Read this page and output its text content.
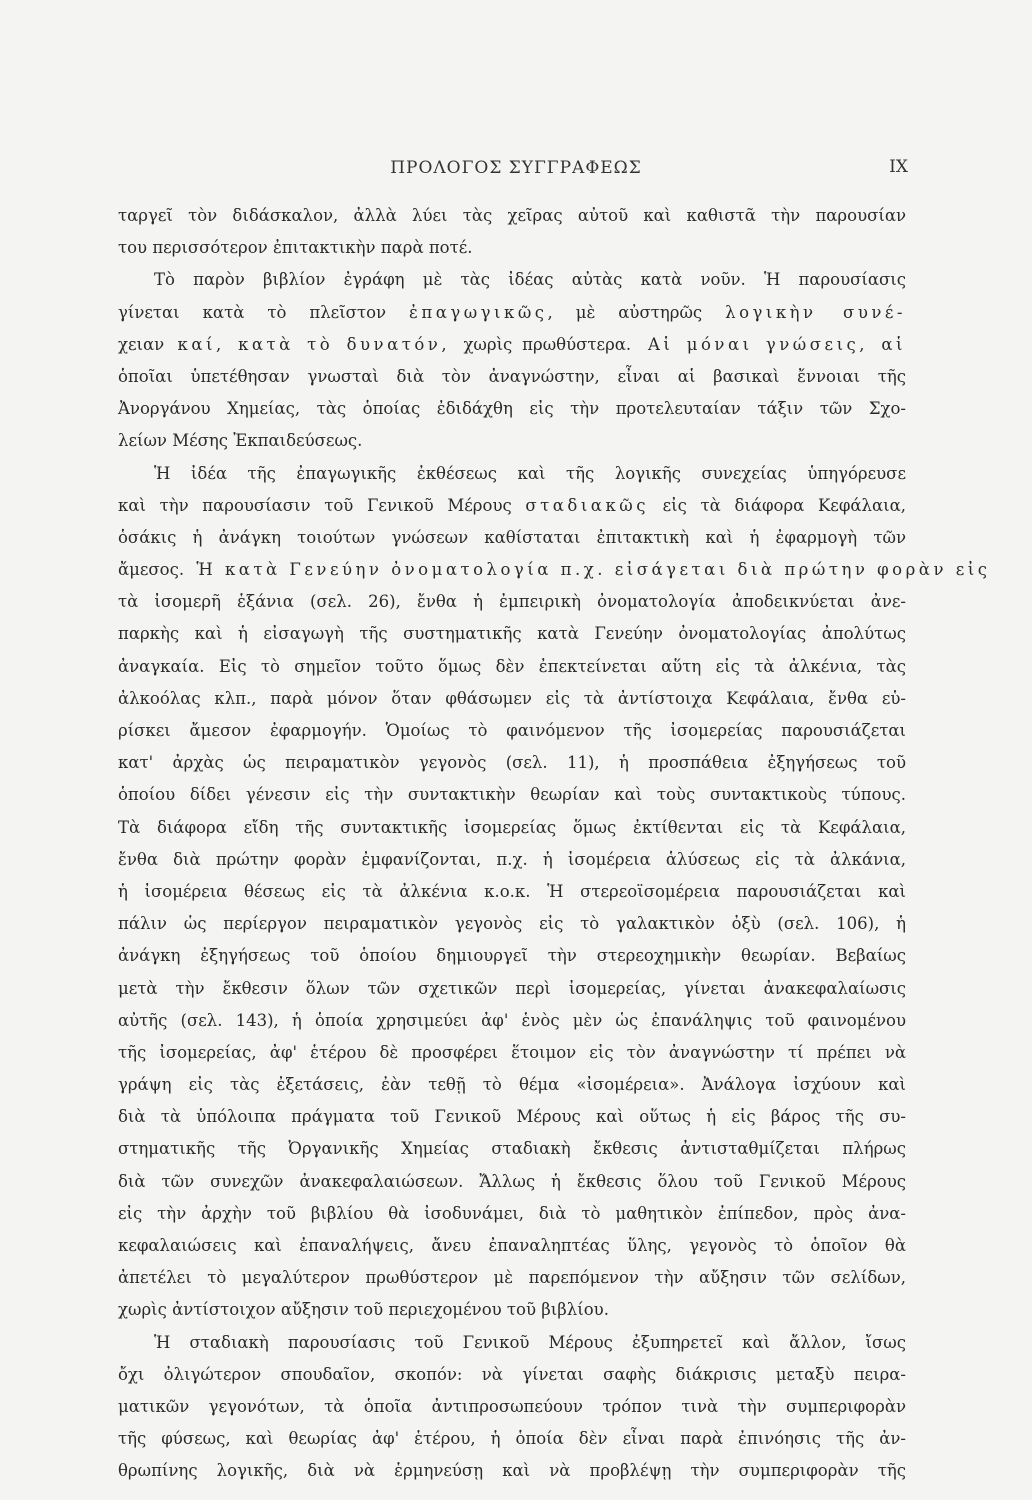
ΠΡΟΛΟΓΟΣ ΣΥΓΓΡΑΦΕΩΣ	IX
ταργεῖ τὸν διδάσκαλον, ἀλλὰ λύει τὰς χεῖρας αὐτοῦ καὶ καθιστᾶ τὴν παρουσίαν
του περισσότερον ἐπιτακτικὴν παρὰ ποτέ.
Τὸ παρὸν βιβλίον ἐγράφη μὲ τὰς ἰδέας αὐτὰς κατὰ νοῦν. Ἡ παρουσίασις
γίνεται κατὰ τὸ πλεῖστον ἐπαγωγικῶς, μὲ αὐστηρῶς λογικὴν συνέ-
χειαν καί, κατὰ τὸ δυνατόν, χωρὶς πρωθύστερα. Αἱ μόναι γνώσεις, αἱ
ὁποῖαι ὑπετέθησαν γνωσταὶ διὰ τὸν ἀναγνώστην, εἶναι αἱ βασικαὶ ἔννοιαι τῆς
Ἀνοργάνου Χημείας, τὰς ὁποίας ἐδιδάχθη εἰς τὴν προτελευταίαν τάξιν τῶν Σχο-
λείων Μέσης Ἐκπαιδεύσεως.
Ἡ ἰδέα τῆς ἐπαγωγικῆς ἐκθέσεως καὶ τῆς λογικῆς συνεχείας ὑπηγόρευσε
καὶ τὴν παρουσίασιν τοῦ Γενικοῦ Μέρους σταδιακῶς εἰς τὰ διάφορα Κεφάλαια,
ὁσάκις ἡ ἀνάγκη τοιούτων γνώσεων καθίσταται ἐπιτακτικὴ καὶ ἡ ἐφαρμογὴ τῶν
ἄμεσος. Ἡ κατὰ Γενεύην ὀνοματολογία π.χ. εἰσάγεται διὰ πρώτην φορὰν εἰς
τὰ ἰσομερῆ ἑξάνια (σελ. 26), ἔνθα ἡ ἐμπειρικὴ ὀνοματολογία ἀποδεικνύεται ἀνε-
παρκὴς καὶ ἡ εἰσαγωγὴ τῆς συστηματικῆς κατὰ Γενεύην ὀνοματολογίας ἀπολύτως
ἀναγκαία. Εἰς τὸ σημεῖον τοῦτο ὅμως δὲν ἐπεκτείνεται αὕτη εἰς τὰ ἀλκένια, τὰς
ἀλκοόλας κλπ., παρὰ μόνον ὅταν φθάσωμεν εἰς τὰ ἀντίστοιχα Κεφάλαια, ἔνθα εὑ-
ρίσκει ἄμεσον ἐφαρμογήν. Ὁμοίως τὸ φαινόμενον τῆς ἰσομερείας παρουσιάζεται
κατ' ἀρχὰς ὡς πειραματικὸν γεγονὸς (σελ. 11), ἡ προσπάθεια ἐξηγήσεως τοῦ
ὁποίου δίδει γένεσιν εἰς τὴν συντακτικὴν θεωρίαν καὶ τοὺς συντακτικοὺς τύπους.
Τὰ διάφορα εἴδη τῆς συντακτικῆς ἰσομερείας ὅμως ἐκτίθενται εἰς τὰ Κεφάλαια,
ἔνθα διὰ πρώτην φορὰν ἐμφανίζονται, π.χ. ἡ ἰσομέρεια ἁλύσεως εἰς τὰ ἀλκάνια,
ἡ ἰσομέρεια θέσεως εἰς τὰ ἀλκένια κ.ο.κ. Ἡ στερεοϊσομέρεια παρουσιάζεται καὶ
πάλιν ὡς περίεργον πειραματικὸν γεγονὸς εἰς τὸ γαλακτικὸν ὀξὺ (σελ. 106), ἡ
ἀνάγκη ἐξηγήσεως τοῦ ὁποίου δημιουργεῖ τὴν στερεοχημικὴν θεωρίαν. Βεβαίως
μετὰ τὴν ἔκθεσιν ὅλων τῶν σχετικῶν περὶ ἰσομερείας, γίνεται ἀνακεφαλαίωσις
αὐτῆς (σελ. 143), ἡ ὁποία χρησιμεύει ἀφ' ἑνὸς μὲν ὡς ἐπανάληψις τοῦ φαινομένου
τῆς ἰσομερείας, ἀφ' ἑτέρου δὲ προσφέρει ἕτοιμον εἰς τὸν ἀναγνώστην τί πρέπει νὰ
γράψη εἰς τὰς ἐξετάσεις, ἐὰν τεθῇ τὸ θέμα «ἰσομέρεια». Ἀνάλογα ἰσχύουν καὶ
διὰ τὰ ὑπόλοιπα πράγματα τοῦ Γενικοῦ Μέρους καὶ οὕτως ἡ εἰς βάρος τῆς συ-
στηματικῆς τῆς Ὀργανικῆς Χημείας σταδιακὴ ἔκθεσις ἀντισταθμίζεται πλήρως
διὰ τῶν συνεχῶν ἀνακεφαλαιώσεων. Ἄλλως ἡ ἔκθεσις ὅλου τοῦ Γενικοῦ Μέρους
εἰς τὴν ἀρχὴν τοῦ βιβλίου θὰ ἰσοδυνάμει, διὰ τὸ μαθητικὸν ἐπίπεδον, πρὸς ἀνα-
κεφαλαιώσεις καὶ ἐπαναλήψεις, ἄνευ ἐπαναληπτέας ὕλης, γεγονὸς τὸ ὁποῖον θὰ
ἀπετέλει τὸ μεγαλύτερον πρωθύστερον μὲ παρεπόμενον τὴν αὔξησιν τῶν σελίδων,
χωρὶς ἀντίστοιχον αὔξησιν τοῦ περιεχομένου τοῦ βιβλίου.
Ἡ σταδιακὴ παρουσίασις τοῦ Γενικοῦ Μέρους ἐξυπηρετεῖ καὶ ἄλλον, ἴσως
ὄχι ὀλιγώτερον σπουδαῖον, σκοπόν: νὰ γίνεται σαφὴς διάκρισις μεταξὺ πειρα-
ματικῶν γεγονότων, τὰ ὁποῖα ἀντιπροσωπεύουν τρόπον τινὰ τὴν συμπεριφορὰν
τῆς φύσεως, καὶ θεωρίας ἀφ' ἑτέρου, ἡ ὁποία δὲν εἶναι παρὰ ἐπινόησις τῆς ἀν-
θρωπίνης λογικῆς, διὰ νὰ ἑρμηνεύσῃ καὶ νὰ προβλέψῃ τὴν συμπεριφορὰν τῆς
